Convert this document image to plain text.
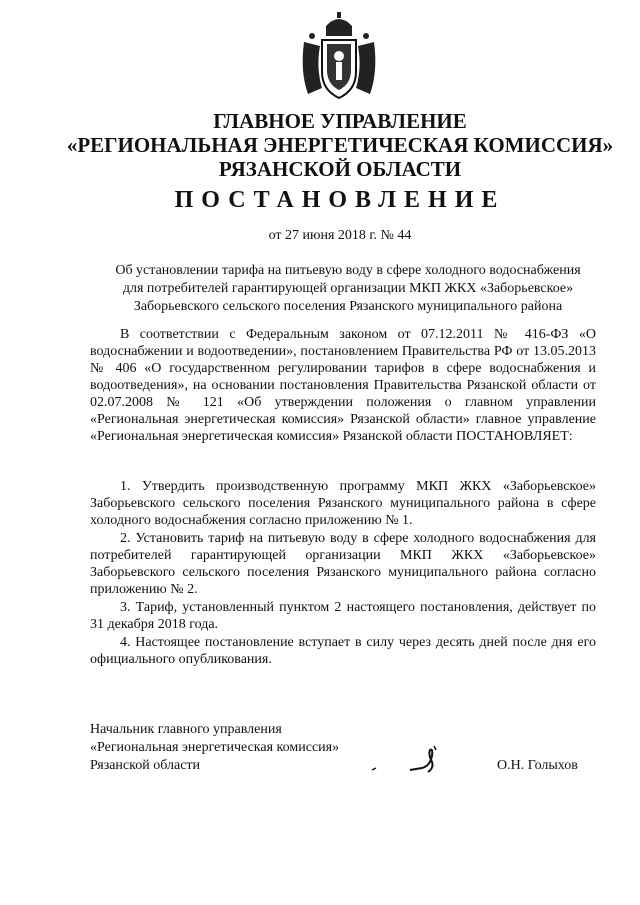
ГЛАВНОЕ УПРАВЛЕНИЕ
«РЕГИОНАЛЬНАЯ ЭНЕРГЕТИЧЕСКАЯ КОМИССИЯ»
РЯЗАНСКОЙ ОБЛАСТИ
ПОСТАНОВЛЕНИЕ
от 27 июня 2018 г. № 44
Об установлении тарифа на питьевую воду в сфере холодного водоснабжения
для потребителей гарантирующей организации МКП ЖКХ «Заборьевское»
Заборьевского сельского поселения Рязанского муниципального района
В соответствии с Федеральным законом от 07.12.2011 № 416-ФЗ «О водоснабжении и водоотведении», постановлением Правительства РФ от 13.05.2013 № 406 «О государственном регулировании тарифов в сфере водоснабжения и водоотведения», на основании постановления Правительства Рязанской области от 02.07.2008 № 121 «Об утверждении положения о главном управлении «Региональная энергетическая комиссия» Рязанской области» главное управление «Региональная энергетическая комиссия» Рязанской области ПОСТАНОВЛЯЕТ:
1. Утвердить производственную программу МКП ЖКХ «Заборьевское» Заборьевского сельского поселения Рязанского муниципального района в сфере холодного водоснабжения согласно приложению № 1.
2. Установить тариф на питьевую воду в сфере холодного водоснабжения для потребителей гарантирующей организации МКП ЖКХ «Заборьевское» Заборьевского сельского поселения Рязанского муниципального района согласно приложению № 2.
3. Тариф, установленный пунктом 2 настоящего постановления, действует по 31 декабря 2018 года.
4. Настоящее постановление вступает в силу через десять дней после дня его официального опубликования.
Начальник главного управления
«Региональная энергетическая комиссия»
Рязанской области	О.Н. Голыхов
